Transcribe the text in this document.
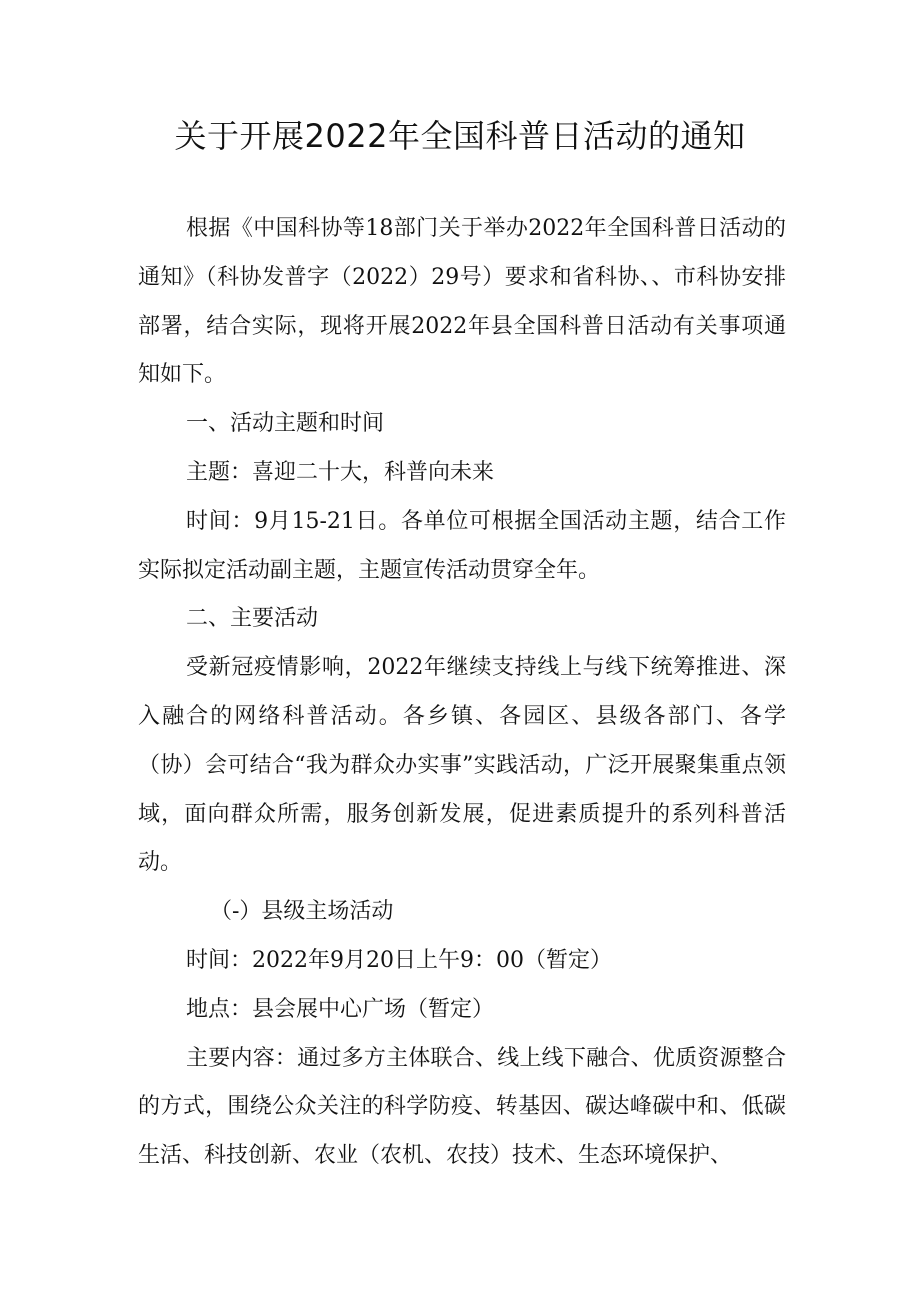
关于开展2022年全国科普日活动的通知

根据《中国科协等18部门关于举办2022年全国科普日活动的通知》（科协发普字（2022）29号）要求和省科协、、市科协安排部署，结合实际，现将开展2022年县全国科普日活动有关事项通知如下。

一、活动主题和时间

主题：喜迎二十大，科普向未来

时间：9月15-21日。各单位可根据全国活动主题，结合工作实际拟定活动副主题，主题宣传活动贯穿全年。

二、主要活动

受新冠疫情影响，2022年继续支持线上与线下统筹推进、深入融合的网络科普活动。各乡镇、各园区、县级各部门、各学（协）会可结合“我为群众办实事”实践活动，广泛开展聚集重点领域，面向群众所需，服务创新发展，促进素质提升的系列科普活动。

（-）县级主场活动

时间：2022年9月20日上午9：00（暂定）

地点：县会展中心广场（暂定）

主要内容：通过多方主体联合、线上线下融合、优质资源整合的方式，围绕公众关注的科学防疫、转基因、碳达峰碳中和、低碳生活、科技创新、农业（农机、农技）技术、生态环境保护、
